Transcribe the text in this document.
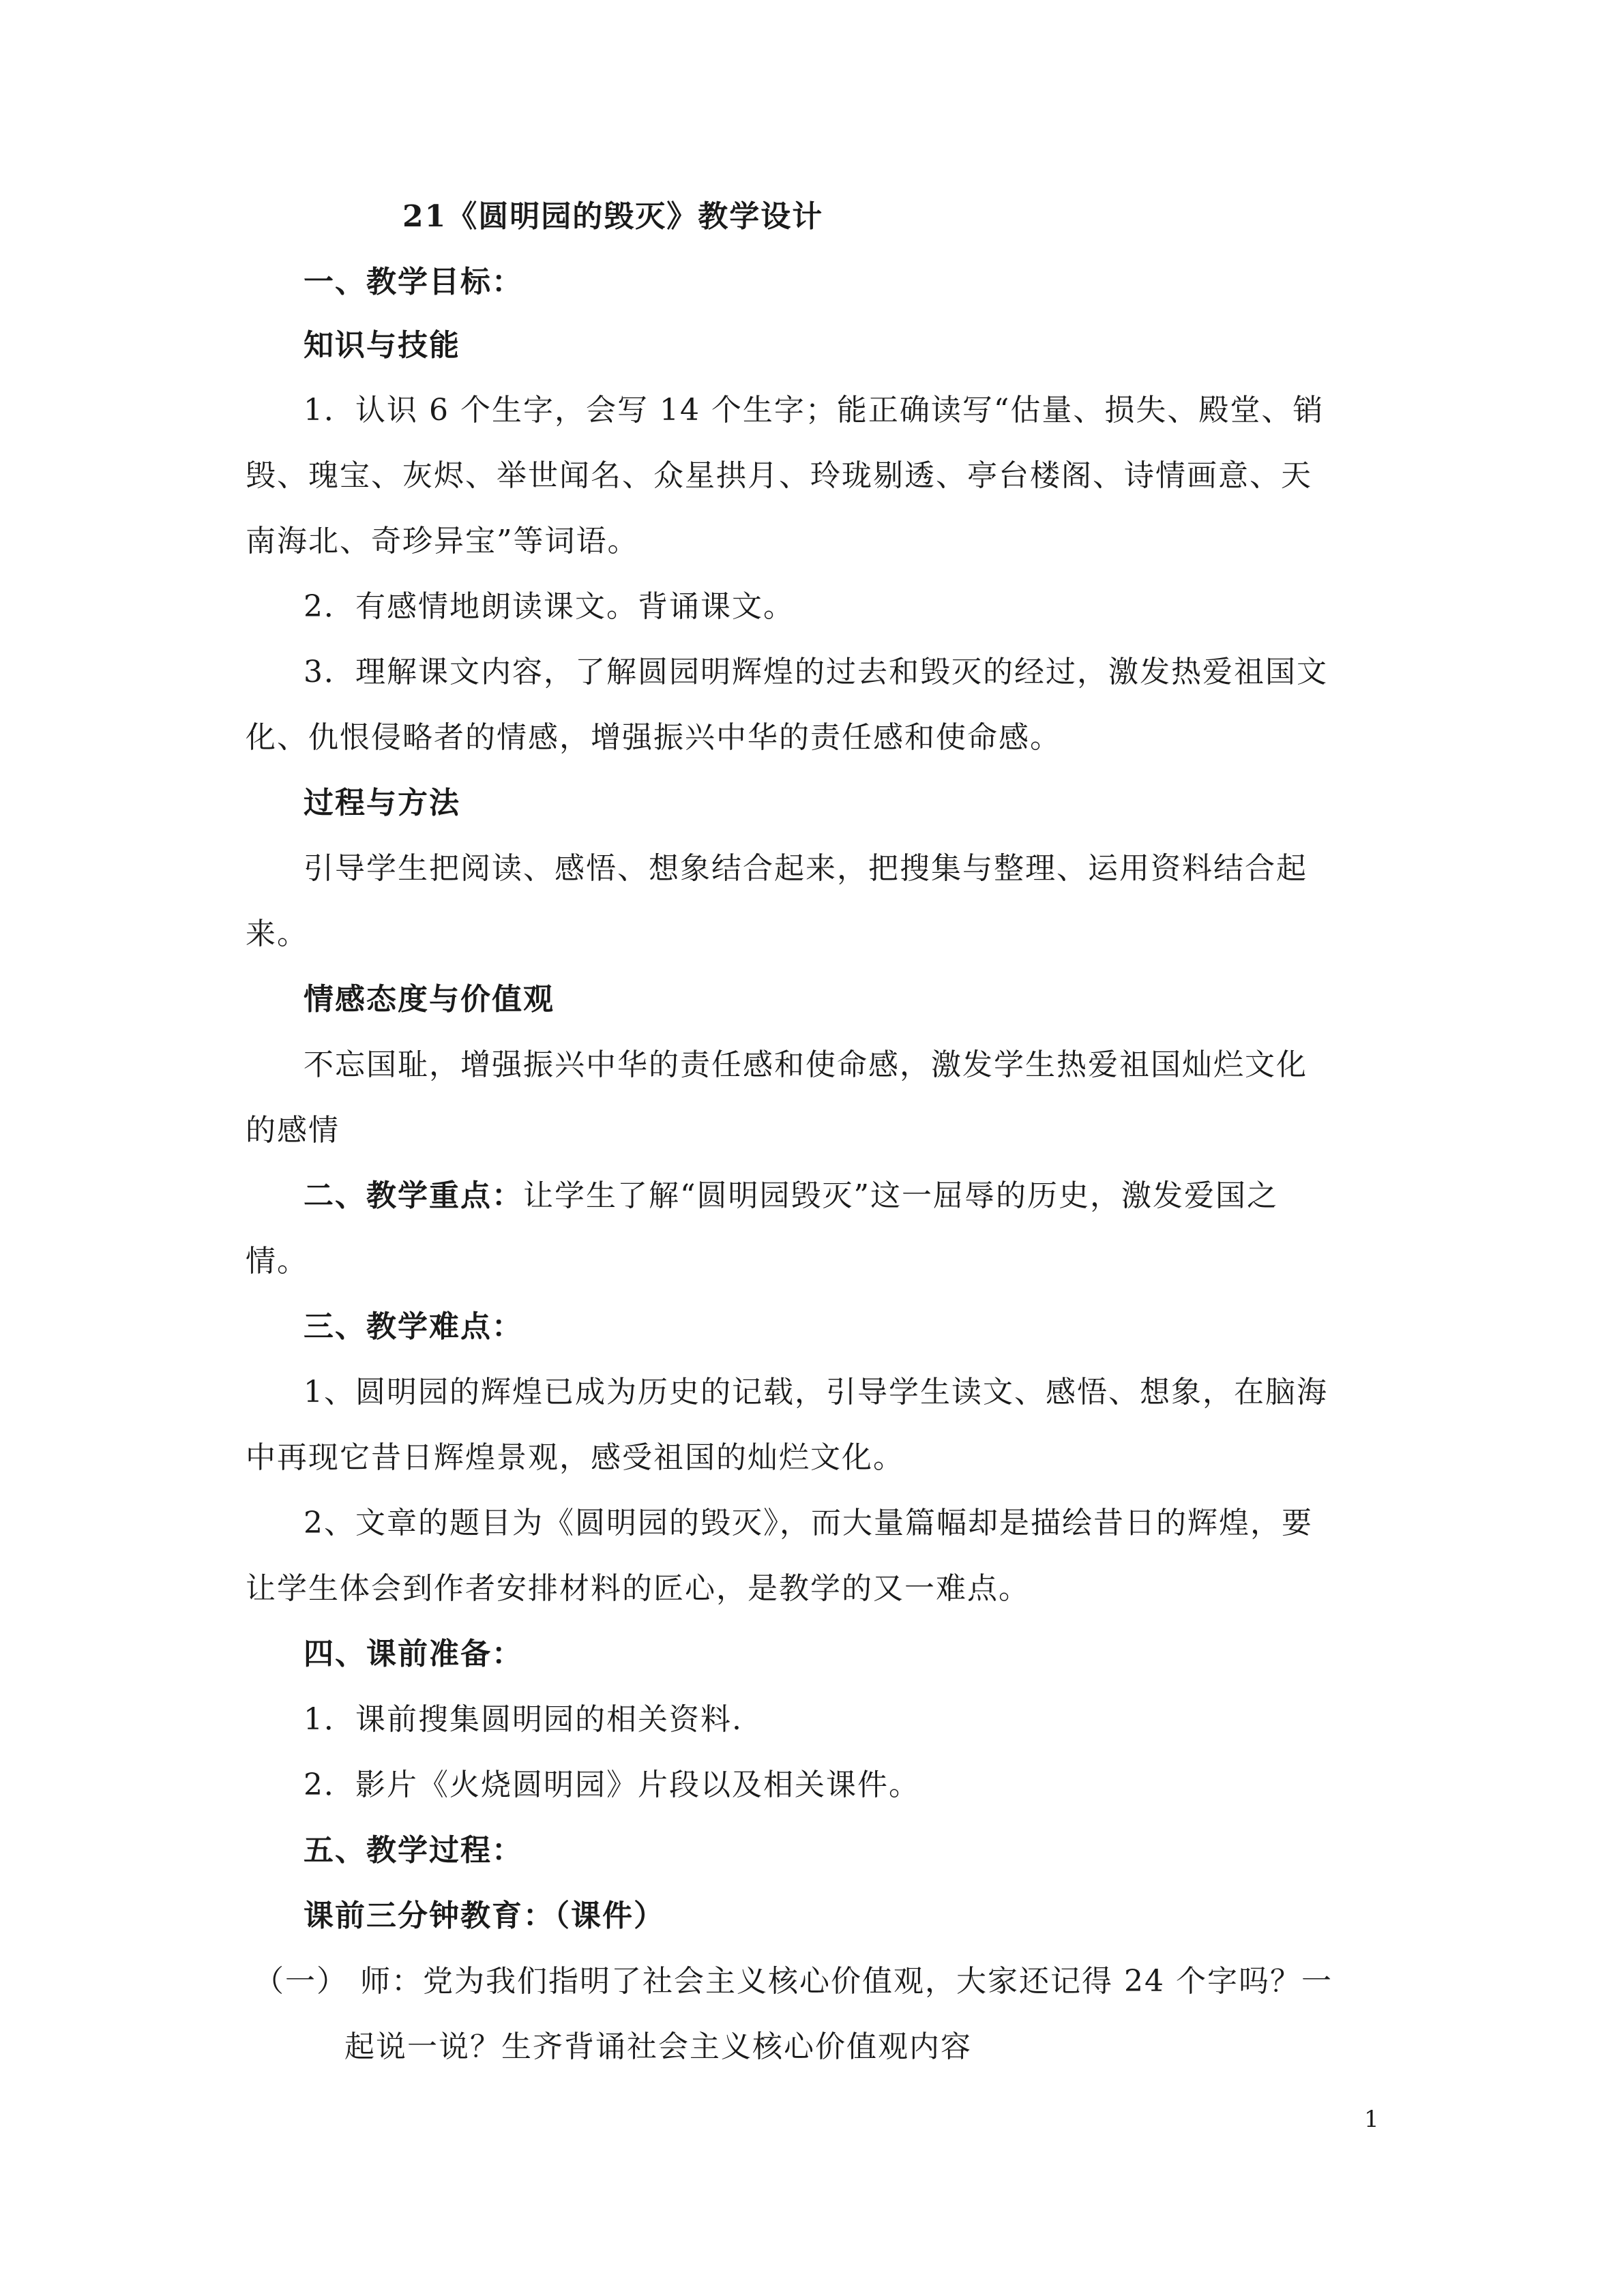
21《圆明园的毁灭》教学设计
一、教学目标：
知识与技能
1．认识 6 个生字，会写 14 个生字；能正确读写“估量、损失、殿堂、销
毁、瑰宝、灰烬、举世闻名、众星拱月、玲珑剔透、亭台楼阁、诗情画意、天
南海北、奇珍异宝”等词语。
2．有感情地朗读课文。背诵课文。
3．理解课文内容，了解圆园明辉煌的过去和毁灭的经过，激发热爱祖国文
化、仇恨侵略者的情感，增强振兴中华的责任感和使命感。
过程与方法
引导学生把阅读、感悟、想象结合起来，把搜集与整理、运用资料结合起
来。
情感态度与价值观
不忘国耻，增强振兴中华的责任感和使命感，激发学生热爱祖国灿烂文化
的感情
二、教学重点：让学生了解“圆明园毁灭”这一屈辱的历史，激发爱国之
情。
三、教学难点：
1、圆明园的辉煌已成为历史的记载，引导学生读文、感悟、想象，在脑海
中再现它昔日辉煌景观，感受祖国的灿烂文化。
2、文章的题目为《圆明园的毁灭》，而大量篇幅却是描绘昔日的辉煌，要
让学生体会到作者安排材料的匠心，是教学的又一难点。
四、课前准备：
1．课前搜集圆明园的相关资料.
2．影片《火烧圆明园》片段以及相关课件。
五、教学过程：
课前三分钟教育：（课件）
（一） 师：党为我们指明了社会主义核心价值观，大家还记得 24 个字吗？一
起说一说？生齐背诵社会主义核心价值观内容
1
